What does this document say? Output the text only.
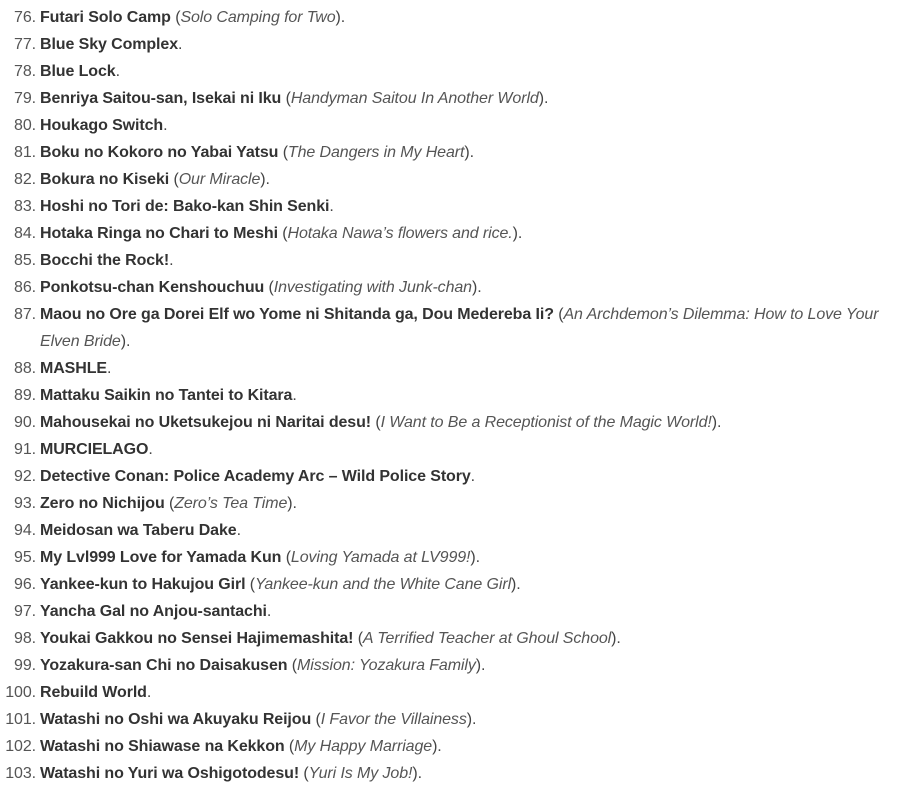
76. Futari Solo Camp (Solo Camping for Two).
77. Blue Sky Complex.
78. Blue Lock.
79. Benriya Saitou-san, Isekai ni Iku (Handyman Saitou In Another World).
80. Houkago Switch.
81. Boku no Kokoro no Yabai Yatsu (The Dangers in My Heart).
82. Bokura no Kiseki (Our Miracle).
83. Hoshi no Tori de: Bako-kan Shin Senki.
84. Hotaka Ringa no Chari to Meshi (Hotaka Nawa’s flowers and rice.).
85. Bocchi the Rock!.
86. Ponkotsu-chan Kenshouchuu (Investigating with Junk-chan).
87. Maou no Ore ga Dorei Elf wo Yome ni Shitanda ga, Dou Medereba Ii? (An Archdemon’s Dilemma: How to Love Your Elven Bride).
88. MASHLE.
89. Mattaku Saikin no Tantei to Kitara.
90. Mahousekai no Uketsukejou ni Naritai desu! (I Want to Be a Receptionist of the Magic World!).
91. MURCIELAGO.
92. Detective Conan: Police Academy Arc – Wild Police Story.
93. Zero no Nichijou (Zero’s Tea Time).
94. Meidosan wa Taberu Dake.
95. My Lvl999 Love for Yamada Kun (Loving Yamada at LV999!).
96. Yankee-kun to Hakujou Girl (Yankee-kun and the White Cane Girl).
97. Yancha Gal no Anjou-santachi.
98. Youkai Gakkou no Sensei Hajimemashita! (A Terrified Teacher at Ghoul School).
99. Yozakura-san Chi no Daisakusen (Mission: Yozakura Family).
100. Rebuild World.
101. Watashi no Oshi wa Akuyaku Reijou (I Favor the Villainess).
102. Watashi no Shiawase na Kekkon (My Happy Marriage).
103. Watashi no Yuri wa Oshigotodesu! (Yuri Is My Job!).
